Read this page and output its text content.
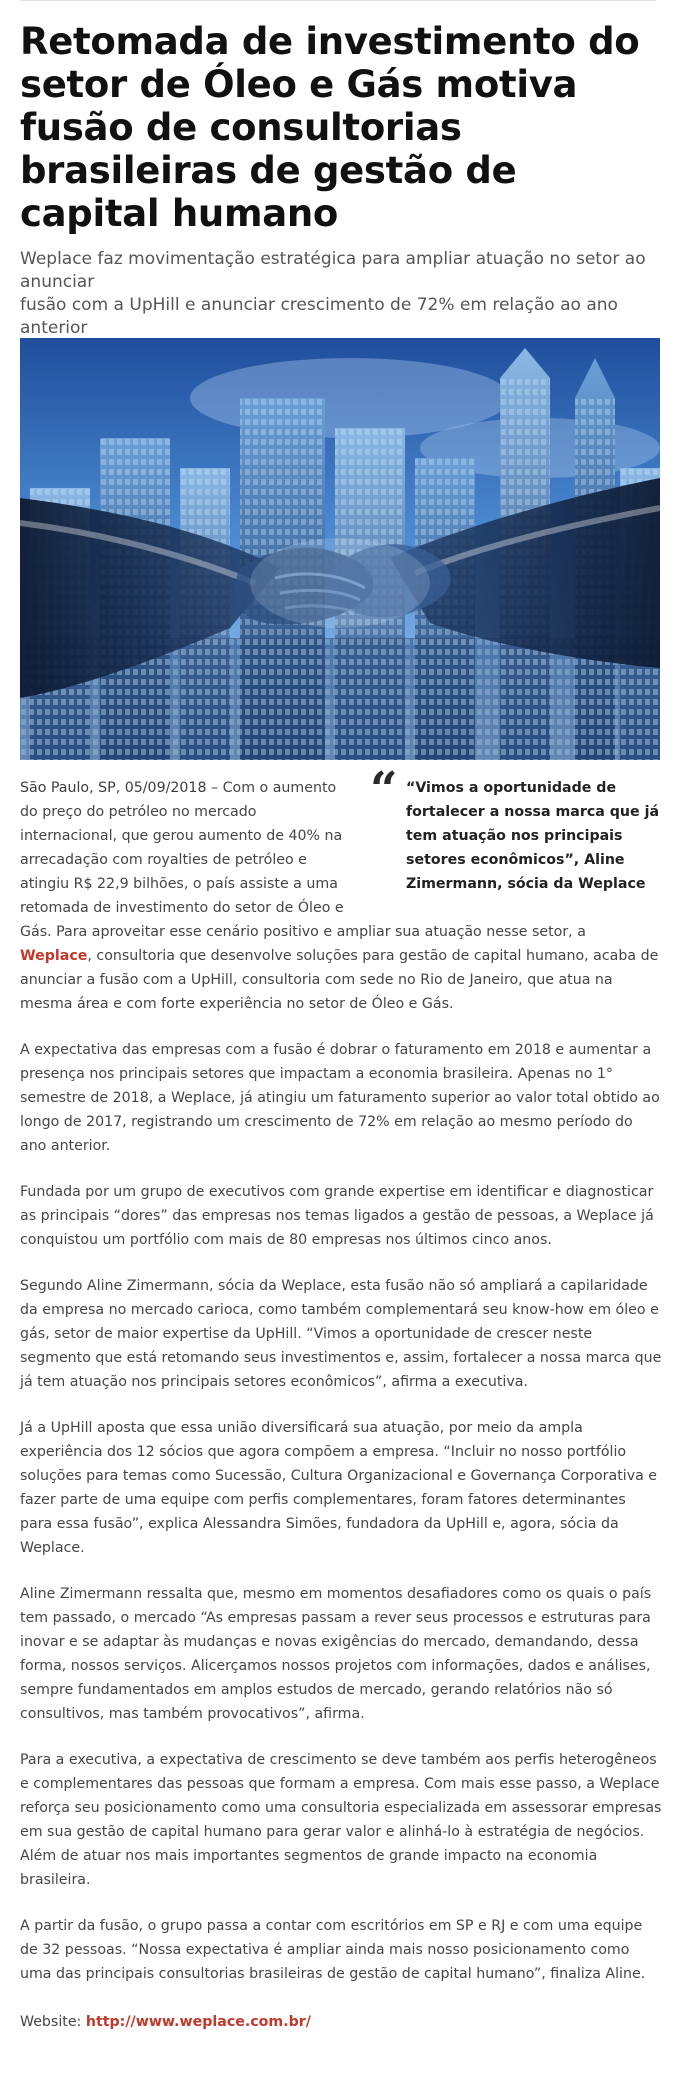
Retomada de investimento do setor de Óleo e Gás motiva fusão de consultorias brasileiras de gestão de capital humano
Weplace faz movimentação estratégica para ampliar atuação no setor ao anunciar
fusão com a UpHill e anunciar crescimento de 72% em relação ao ano anterior
“ “Vimos a oportunidade de fortalecer a nossa marca que já tem atuação nos principais setores econômicos”, Aline Zimermann, sócia da Weplace

São Paulo, SP, 05/09/2018 – Com o aumento do preço do petróleo no mercado internacional, que gerou aumento de 40% na arrecadação com royalties de petróleo e atingiu R$ 22,9 bilhões, o país assiste a uma retomada de investimento do setor de Óleo e Gás. Para aproveitar esse cenário positivo e ampliar sua atuação nesse setor, a Weplace, consultoria que desenvolve soluções para gestão de capital humano, acaba de anunciar a fusão com a UpHill, consultoria com sede no Rio de Janeiro, que atua na mesma área e com forte experiência no setor de Óleo e Gás.

A expectativa das empresas com a fusão é dobrar o faturamento em 2018 e aumentar a presença nos principais setores que impactam a economia brasileira. Apenas no 1° semestre de 2018, a Weplace, já atingiu um faturamento superior ao valor total obtido ao longo de 2017, registrando um crescimento de 72% em relação ao mesmo período do ano anterior.

Fundada por um grupo de executivos com grande expertise em identificar e diagnosticar as principais “dores” das empresas nos temas ligados a gestão de pessoas, a Weplace já conquistou um portfólio com mais de 80 empresas nos últimos cinco anos.

Segundo Aline Zimermann, sócia da Weplace, esta fusão não só ampliará a capilaridade da empresa no mercado carioca, como também complementará seu know-how em óleo e gás, setor de maior expertise da UpHill. “Vimos a oportunidade de crescer neste segmento que está retomando seus investimentos e, assim, fortalecer a nossa marca que já tem atuação nos principais setores econômicos”, afirma a executiva.

Já a UpHill aposta que essa união diversificará sua atuação, por meio da ampla experiência dos 12 sócios que agora compõem a empresa. “Incluir no nosso portfólio soluções para temas como Sucessão, Cultura Organizacional e Governança Corporativa e fazer parte de uma equipe com perfis complementares, foram fatores determinantes para essa fusão”, explica Alessandra Simões, fundadora da UpHill e, agora, sócia da Weplace.

Aline Zimermann ressalta que, mesmo em momentos desafiadores como os quais o país tem passado, o mercado “As empresas passam a rever seus processos e estruturas para inovar e se adaptar às mudanças e novas exigências do mercado, demandando, dessa forma, nossos serviços. Alicerçamos nossos projetos com informações, dados e análises, sempre fundamentados em amplos estudos de mercado, gerando relatórios não só consultivos, mas também provocativos”, afirma.

Para a executiva, a expectativa de crescimento se deve também aos perfis heterogêneos e complementares das pessoas que formam a empresa. Com mais esse passo, a Weplace reforça seu posicionamento como uma consultoria especializada em assessorar empresas em sua gestão de capital humano para gerar valor e alinhá-lo à estratégia de negócios. Além de atuar nos mais importantes segmentos de grande impacto na economia brasileira.

A partir da fusão, o grupo passa a contar com escritórios em SP e RJ e com uma equipe de 32 pessoas. “Nossa expectativa é ampliar ainda mais nosso posicionamento como uma das principais consultorias brasileiras de gestão de capital humano”, finaliza Aline.

Website: http://www.weplace.com.br/
